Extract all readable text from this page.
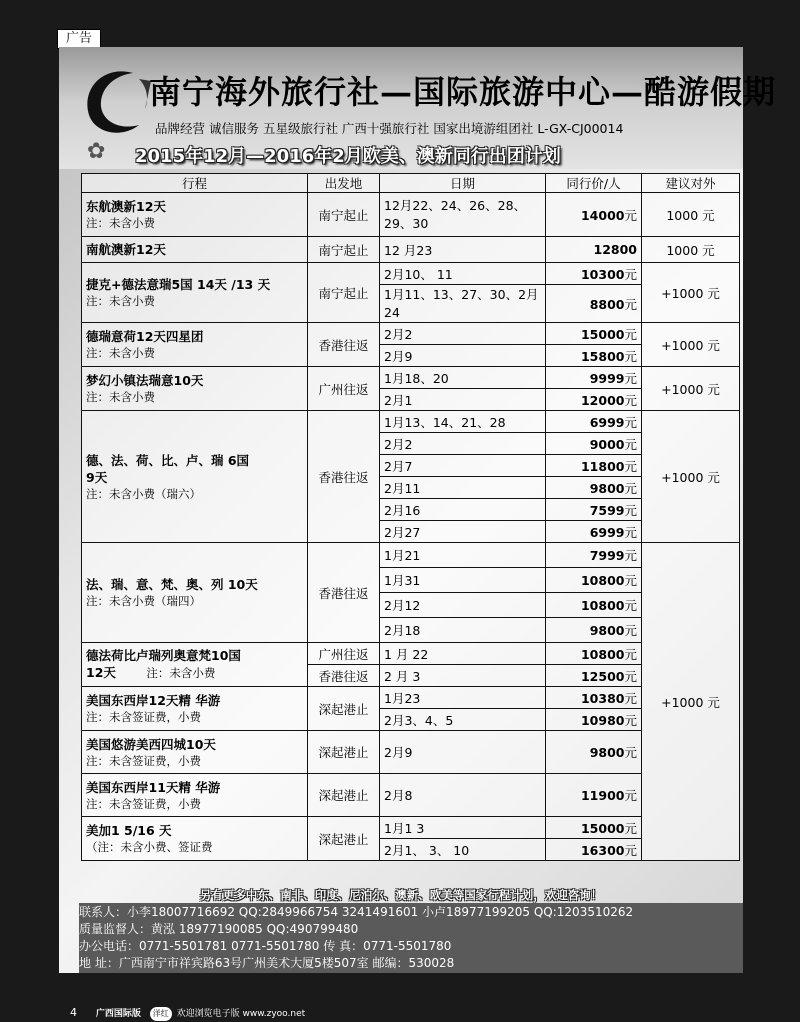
广告
南宁海外旅行社—国际旅游中心—酷游假期
品牌经营 诚信服务 五星级旅行社 广西十强旅行社 国家出境游组团社 L-GX-CJ00014
✿ 2015年12月—2016年2月欧美、澳新同行出团计划
行程	出发地	日期	同行价/人	建议对外	

东航澳新12天
注：未含小费	南宁起止	12月22、24、26、28、29、30	14000元	1000 元	

南航澳新12天	南宁起止	12 月23	12800	1000 元	

捷克+德法意瑞5国 14天 /13 天
注：未含小费	南宁起止	2月10、 11	10300元	+1000 元	
		1月11、13、27、30、2月24	8800元		

德瑞意荷12天四星团
注：未含小费	香港往返	2月2	15000元	+1000 元	
		2月9	15800元		

梦幻小镇法瑞意10天
注：未含小费	广州往返	1月18、20	9999元	+1000 元	
		2月1	12000元		

德、法、荷、比、卢、瑞 6国
9天
注：未含小费（瑞六）	香港往返	1月13、14、21、28	6999元	+1000 元	
		2月2	9000元		
		2月7	11800元		
		2月11	9800元		
		2月16	7599元		
		2月27	6999元		

法、瑞、意、梵、奥、列 10天
注：未含小费（瑞四）	香港往返	1月21	7999元	+1000 元	
		1月31	10800元		
		2月12	10800元		
		2月18	9800元		

德法荷比卢瑞列奥意梵10国
12天 注：未含小费	广州往返	1 月 22	10800元		
	香港往返	2 月 3	12500元		

美国东西岸12天精 华游
注：未含签证费，小费	深起港止	1月23	10380元		
		2月3、4、5	10980元		

美国悠游美西四城10天
注：未含签证费，小费	深起港止	2月9	9800元		

美国东西岸11天精 华游
注：未含签证费，小费	深起港止	2月8	11900元		

美加1 5/16 天
（注：未含小费、签证费	深起港止	1月1 3	15000元	
		2月1、 3、 10	16300元		
另有更多中东、南非、印度、尼泊尔、澳新、欧美等国家行程计划，欢迎咨询！
联系人：小李18007716692 QQ:2849966754 3241491601 小卢18977199205 QQ:1203510262
质量监督人：黄泓 18977190085 QQ:490799480
办公电话：0771-5501781 0771-5501780 传 真：0771-5501780
地 址：广西南宁市祥宾路63号广州美术大厦5楼507室 邮编：530028
4 广西国际版 洋红 欢迎浏览电子版 www.zyoo.net
